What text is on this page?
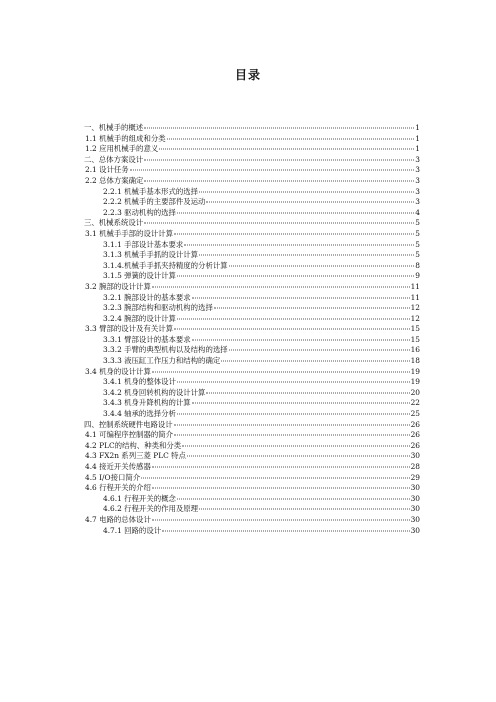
目录
一、机械手的概述	1
1.1 机械手的组成和分类	1
1.2 应用机械手的意义	1
二、总体方案设计	3
2.1 设计任务	3
2.2 总体方案确定	3
2.2.1 机械手基本形式的选择	3
2.2.2 机械手的主要部件及运动	3
2.2.3 驱动机构的选择	4
三、机械系统设计	5
3.1 机械手手部的设计计算	5
3.1.1 手部设计基本要求	5
3.1.3 机械手手抓的设计计算	5
3.1.4.机械手手抓夹持精度的分析计算	8
3.1.5 弹簧的设计计算	9
3.2 腕部的设计计算	11
3.2.1 腕部设计的基本要求	11
3.2.3 腕部结构和驱动机构的选择	12
3.2.4 腕部的设计计算	12
3.3 臂部的设计及有关计算	15
3.3.1 臂部设计的基本要求	15
3.3.2 手臂的典型机构以及结构的选择	16
3.3.3 液压缸工作压力和结构的确定	18
3.4 机身的设计计算	19
3.4.1 机身的整体设计	19
3.4.2 机身回转机构的设计计算	20
3.4.3 机身升降机构的计算	22
3.4.4 轴承的选择分析	25
四、控制系统硬件电路设计	26
4.1 可编程序控制器的简介	26
4.2 PLC的结构、种类和分类	26
4.3 FX2n 系列三菱 PLC 特点	30
4.4 接近开关传感器	28
4.5 I/O接口简介	29
4.6 行程开关的介绍	30
4.6.1 行程开关的概念	30
4.6.2 行程开关的作用及原理	30
4.7 电路的总体设计	30
4.7.1 回路的设计	30
